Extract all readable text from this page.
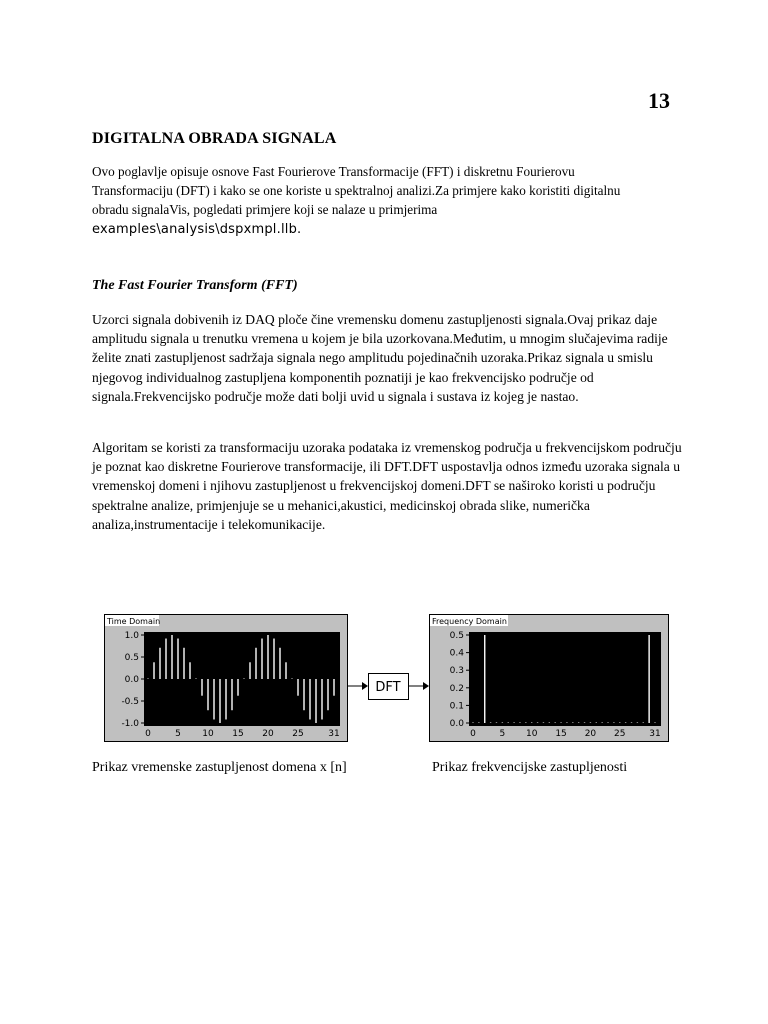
13
DIGITALNA OBRADA SIGNALA
Ovo poglavlje opisuje osnove Fast Fourierove Transformacije (FFT) i diskretnu Fourierovu
Transformaciju (DFT) i kako se one koriste u spektralnoj analizi.Za primjere kako koristiti digitalnu
obradu signalaVis, pogledati primjere koji se nalaze u primjerima
examples\analysis\dspxmpl.llb.
The Fast Fourier Transform (FFT)
Uzorci signala dobivenih iz DAQ ploče čine vremensku domenu zastupljenosti signala.Ovaj prikaz daje amplitudu signala u trenutku vremena u kojem je bila uzorkovana.Međutim, u mnogim slučajevima radije želite znati zastupljenost sadržaja signala nego amplitudu pojedinačnih uzoraka.Prikaz signala u smislu njegovog individualnog zastupljena komponentih poznatiji je kao frekvencijsko područje od signala.Frekvencijsko područje može dati bolji uvid u signala i sustava iz kojeg je nastao.
Algoritam se koristi za transformaciju uzoraka podataka iz vremenskog područja u frekvencijskom području je poznat kao diskretne Fourierove transformacije, ili DFT.DFT uspostavlja odnos između uzoraka signala u vremenskoj domeni i njihovu zastupljenost u frekvencijskoj domeni.DFT se naširoko koristi u području spektralne analize, primjenjuje se u mehanici,akustici, medicinskoj obrada slike, numerička analiza,instrumentacije i telekomunikacije.
Time Domain
1.0
0.5
0.0
-0.5
-1.0
0	5 10 15 20 25	31
DFT
Frequency Domain
0.5
0.4
0.3
0.2
0.1
0.0
0	5 10 15 20 25	31
Prikaz vremenske zastupljenost domena x [n]	Prikaz frekvencijske zastupljenosti
